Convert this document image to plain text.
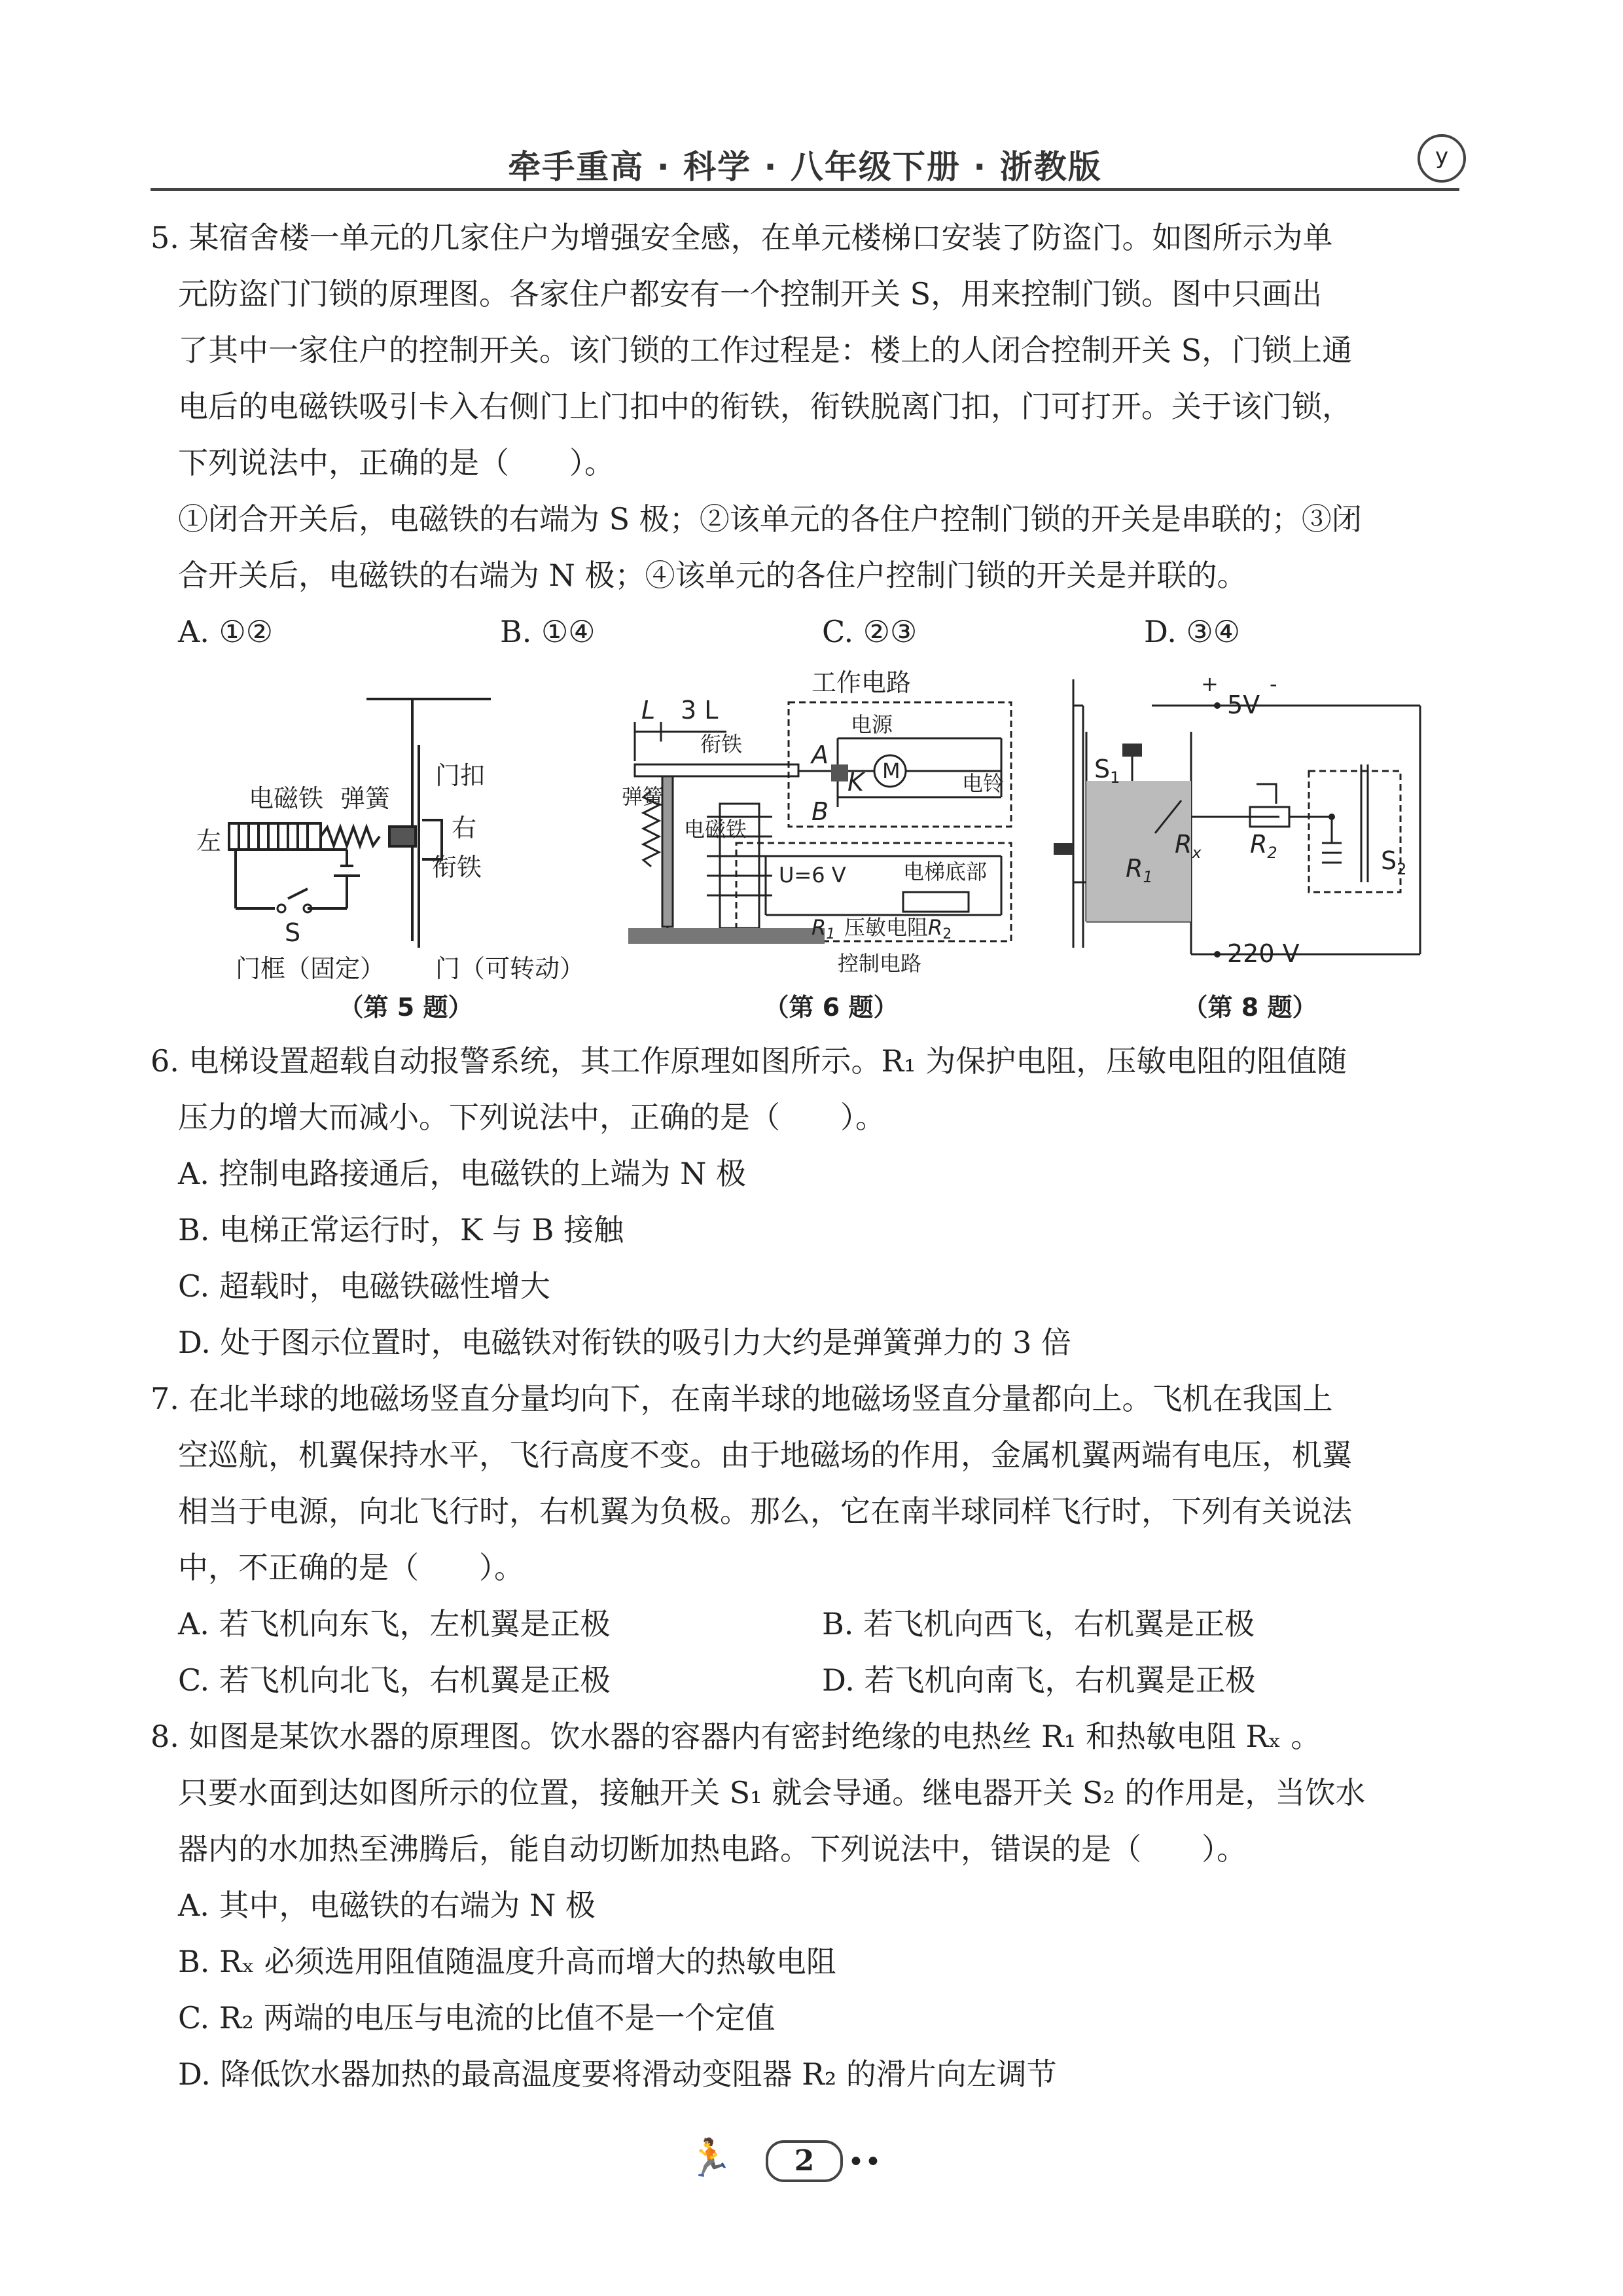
牵手重高 · 科学 · 八年级下册 · 浙教版	y

5. 某宿舍楼一单元的几家住户为增强安全感，在单元楼梯口安装了防盗门。如图所示为单

元防盗门门锁的原理图。各家住户都安有一个控制开关 S，用来控制门锁。图中只画出

了其中一家住户的控制开关。该门锁的工作过程是：楼上的人闭合控制开关 S，门锁上通

电后的电磁铁吸引卡入右侧门上门扣中的衔铁，衔铁脱离门扣，门可打开。关于该门锁，

下列说法中，正确的是（　　）。

①闭合开关后，电磁铁的右端为 S 极；②该单元的各住户控制门锁的开关是串联的；③闭

合开关后，电磁铁的右端为 N 极；④该单元的各住户控制门锁的开关是并联的。

A. ①②	B. ①④	C. ②③	D. ③④
电磁铁 弹簧
门扣
左	右
衔铁
S
门框（固定） 门（可转动）
（第 5 题）
工作电路
L 3 L
衔铁
电源
M
A
K
B
电铃
弹簧
电磁铁
U=6 V	电梯底部
R1 压敏电阻R2
控制电路
（第 6 题）
5V
+ -
$S_1$
$R_x$ $R_2$	$S_2$
$R_1$
220 V
（第 8 题）

6. 电梯设置超载自动报警系统，其工作原理如图所示。R₁ 为保护电阻，压敏电阻的阻值随

压力的增大而减小。下列说法中，正确的是（　　）。

A. 控制电路接通后，电磁铁的上端为 N 极

B. 电梯正常运行时，K 与 B 接触

C. 超载时，电磁铁磁性增大

D. 处于图示位置时，电磁铁对衔铁的吸引力大约是弹簧弹力的 3 倍

7. 在北半球的地磁场竖直分量均向下，在南半球的地磁场竖直分量都向上。飞机在我国上

空巡航，机翼保持水平，飞行高度不变。由于地磁场的作用，金属机翼两端有电压，机翼

相当于电源，向北飞行时，右机翼为负极。那么，它在南半球同样飞行时，下列有关说法

中，不正确的是（　　）。

A. 若飞机向东飞，左机翼是正极	B. 若飞机向西飞，右机翼是正极
C. 若飞机向北飞，右机翼是正极	D. 若飞机向南飞，右机翼是正极

8. 如图是某饮水器的原理图。饮水器的容器内有密封绝缘的电热丝 R₁ 和热敏电阻 Rₓ 。

只要水面到达如图所示的位置，接触开关 S₁ 就会导通。继电器开关 S₂ 的作用是，当饮水

器内的水加热至沸腾后，能自动切断加热电路。下列说法中，错误的是（　　）。

A. 其中，电磁铁的右端为 N 极

B. Rₓ 必须选用阻值随温度升高而增大的热敏电阻

C. R₂ 两端的电压与电流的比值不是一个定值

D. 降低饮水器加热的最高温度要将滑动变阻器 R₂ 的滑片向左调节

🏃	2	••
